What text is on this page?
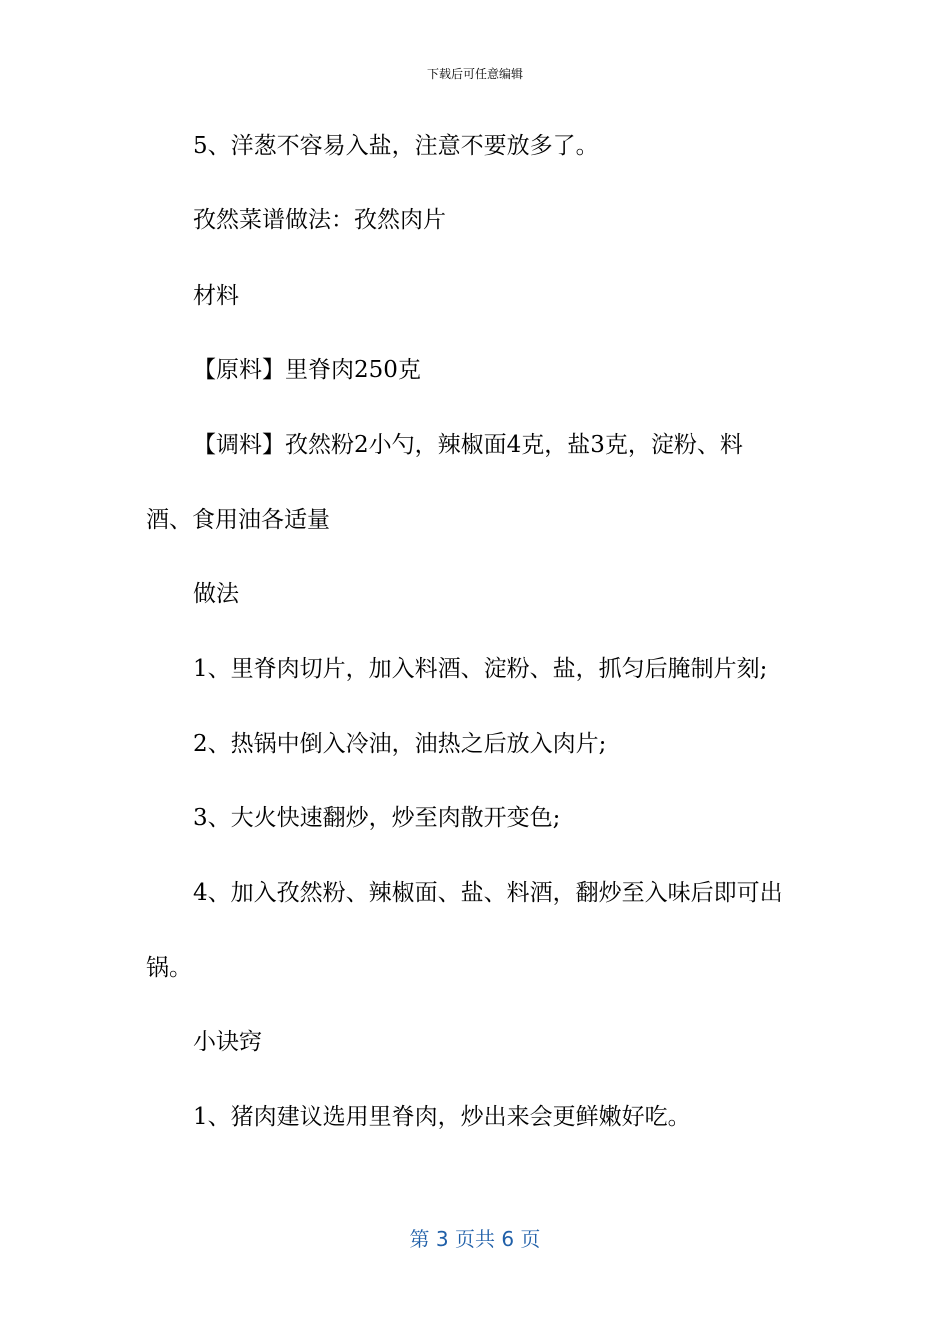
下载后可任意编辑
5、洋葱不容易入盐，注意不要放多了。
孜然菜谱做法：孜然肉片
材料
【原料】里脊肉250克
【调料】孜然粉2小勺，辣椒面4克，盐3克，淀粉、料
酒、食用油各适量
做法
1、里脊肉切片，加入料酒、淀粉、盐，抓匀后腌制片刻;
2、热锅中倒入冷油，油热之后放入肉片;
3、大火快速翻炒，炒至肉散开变色;
4、加入孜然粉、辣椒面、盐、料酒，翻炒至入味后即可出
锅。
小诀窍
1、猪肉建议选用里脊肉，炒出来会更鲜嫩好吃。
第 3 页共 6 页
